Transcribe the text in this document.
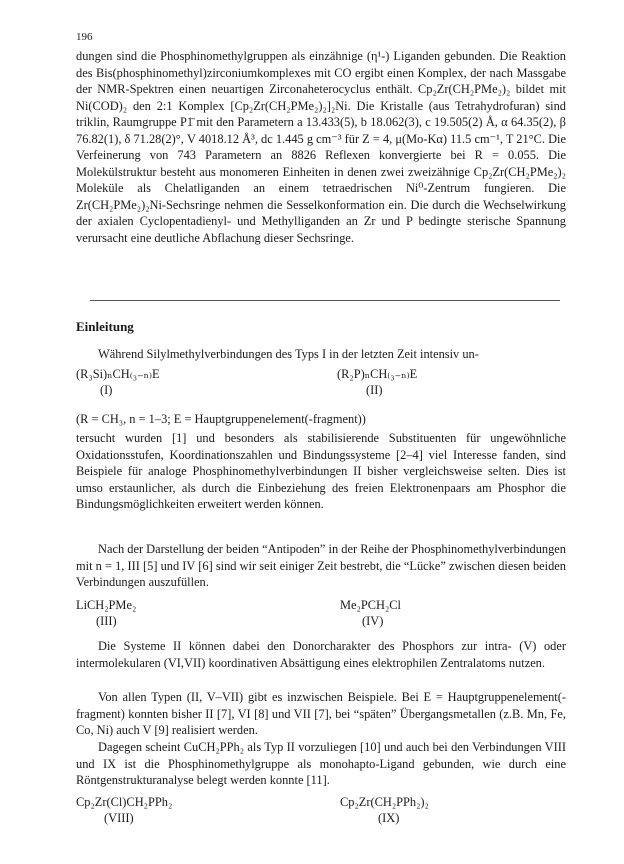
196

dungen sind die Phosphinomethylgruppen als einzähnige (η¹-) Liganden gebunden. Die Reaktion des Bis(phosphinomethyl)zirconiumkomplexes mit CO ergibt einen Komplex, der nach Massgabe der NMR-Spektren einen neuartigen Zirconaheterocyclus enthält. Cp₂Zr(CH₂PMe₂)₂ bildet mit Ni(COD)₂ den 2:1 Komplex [Cp₂Zr(CH₂PMe₂)₂]₂Ni. Die Kristalle (aus Tetrahydrofuran) sind triklin, Raumgruppe P1̄ mit den Parametern a 13.433(5), b 18.062(3), c 19.505(2) Å, α 64.35(2), β 76.82(1), δ 71.28(2)°, V 4018.12 Å³, dc 1.445 g cm⁻³ für Z = 4, μ(Mo-Kα) 11.5 cm⁻¹, T 21°C. Die Verfeinerung von 743 Parametern an 8826 Reflexen konvergierte bei R = 0.055. Die Molekülstruktur besteht aus monomeren Einheiten in denen zwei zweizähnige Cp₂Zr(CH₂PMe₂)₂ Moleküle als Chelatliganden an einem tetraedrischen Ni⁰-Zentrum fungieren. Die Zr(CH₂PMe₂)₂Ni-Sechsringe nehmen die Sesselkonformation ein. Die durch die Wechselwirkung der axialen Cyclopentadienyl- und Methylliganden an Zr und P bedingte sterische Spannung verursacht eine deutliche Abflachung dieser Sechsringe.

Einleitung

Während Silylmethylverbindungen des Typs I in der letzten Zeit intensiv un-

(R₃Si)ₙCH₍₃₋ₙ₎E
(I)
(R₂P)ₙCH₍₃₋ₙ₎E
(II)
(R = CH₃, n = 1–3; E = Hauptgruppenelement(-fragment))

tersucht wurden [1] und besonders als stabilisierende Substituenten für ungewöhnliche Oxidationsstufen, Koordinationszahlen und Bindungssysteme [2–4] viel Interesse fanden, sind Beispiele für analoge Phosphinomethylverbindungen II bisher vergleichsweise selten. Dies ist umso erstaunlicher, als durch die Einbeziehung des freien Elektronenpaars am Phosphor die Bindungsmöglichkeiten erweitert werden können.

Nach der Darstellung der beiden “Antipoden” in der Reihe der Phosphinomethylverbindungen mit n = 1, III [5] und IV [6] sind wir seit einiger Zeit bestrebt, die “Lücke” zwischen diesen beiden Verbindungen auszufüllen.

LiCH₂PMe₂
(III)
Me₂PCH₂Cl
(IV)

Die Systeme II können dabei den Donorcharakter des Phosphors zur intra- (V) oder intermolekularen (VI,VII) koordinativen Absättigung eines elektrophilen Zentralatoms nutzen.

Von allen Typen (II, V–VII) gibt es inzwischen Beispiele. Bei E = Hauptgruppenelement(-fragment) konnten bisher II [7], VI [8] und VII [7], bei “späten” Übergangsmetallen (z.B. Mn, Fe, Co, Ni) auch V [9] realisiert werden.

Dagegen scheint CuCH₂PPh₂ als Typ II vorzuliegen [10] und auch bei den Verbindungen VIII und IX ist die Phosphinomethylgruppe als monohapto-Ligand gebunden, wie durch eine Röntgenstrukturanalyse belegt werden konnte [11].

Cp₂Zr(Cl)CH₂PPh₂
(VIII)
Cp₂Zr(CH₂PPh₂)₂
(IX)
